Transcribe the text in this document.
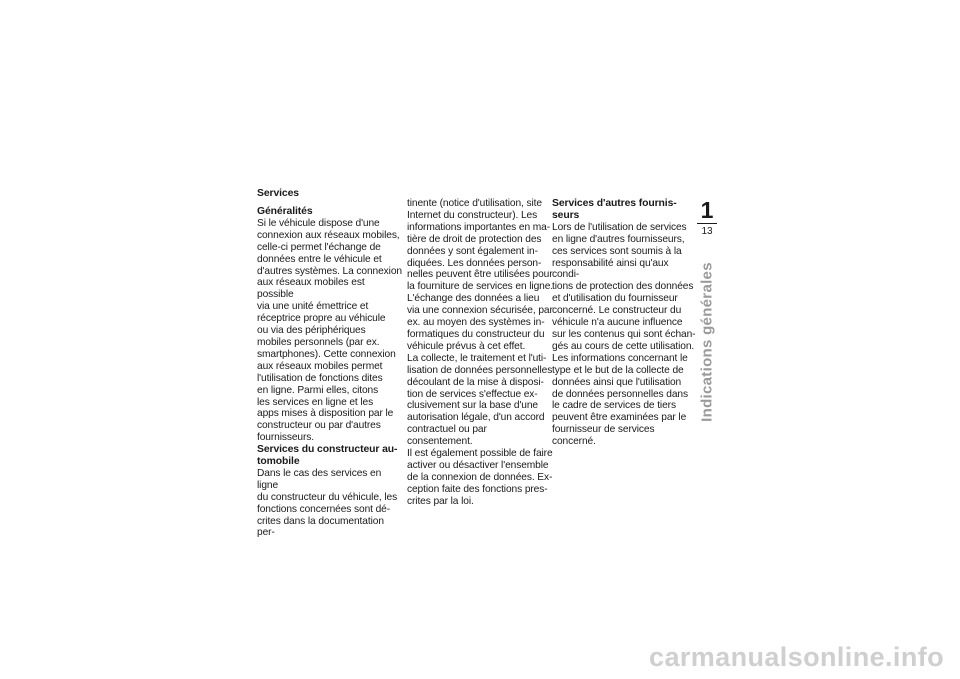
Services
Généralités

Si le véhicule dispose d'une
connexion aux réseaux mobiles,
celle-ci permet l'échange de
données entre le véhicule et
d'autres systèmes. La connexion
aux réseaux mobiles est possible
via une unité émettrice et
réceptrice propre au véhicule
ou via des périphériques
mobiles personnels (par ex.
smartphones). Cette connexion
aux réseaux mobiles permet
l'utilisation de fonctions dites
en ligne. Parmi elles, citons
les services en ligne et les
apps mises à disposition par le
constructeur ou par d'autres
fournisseurs.

Services du constructeur au-
tomobile

Dans le cas des services en ligne
du constructeur du véhicule, les
fonctions concernées sont dé-
crites dans la documentation per-

tinente (notice d'utilisation, site
Internet du constructeur). Les
informations importantes en ma-
tière de droit de protection des
données y sont également in-
diquées. Les données person-
nelles peuvent être utilisées pour
la fourniture de services en ligne.
L'échange des données a lieu
via une connexion sécurisée, par
ex. au moyen des systèmes in-
formatiques du constructeur du
véhicule prévus à cet effet.

La collecte, le traitement et l'uti-
lisation de données personnelles
découlant de la mise à disposi-
tion de services s'effectue ex-
clusivement sur la base d'une
autorisation légale, d'un accord
contractuel ou par consentement.

Il est également possible de faire
activer ou désactiver l'ensemble
de la connexion de données. Ex-
ception faite des fonctions pres-
crites par la loi.

Services d'autres fournis-
seurs

Lors de l'utilisation de services
en ligne d'autres fournisseurs,
ces services sont soumis à la
responsabilité ainsi qu'aux condi-
tions de protection des données
et d'utilisation du fournisseur
concerné. Le constructeur du
véhicule n'a aucune influence
sur les contenus qui sont échan-
gés au cours de cette utilisation.

Les informations concernant le
type et le but de la collecte de
données ainsi que l'utilisation
de données personnelles dans
le cadre de services de tiers
peuvent être examinées par le
fournisseur de services concerné.

1
13
Indications générales
carmanualsonline.info
